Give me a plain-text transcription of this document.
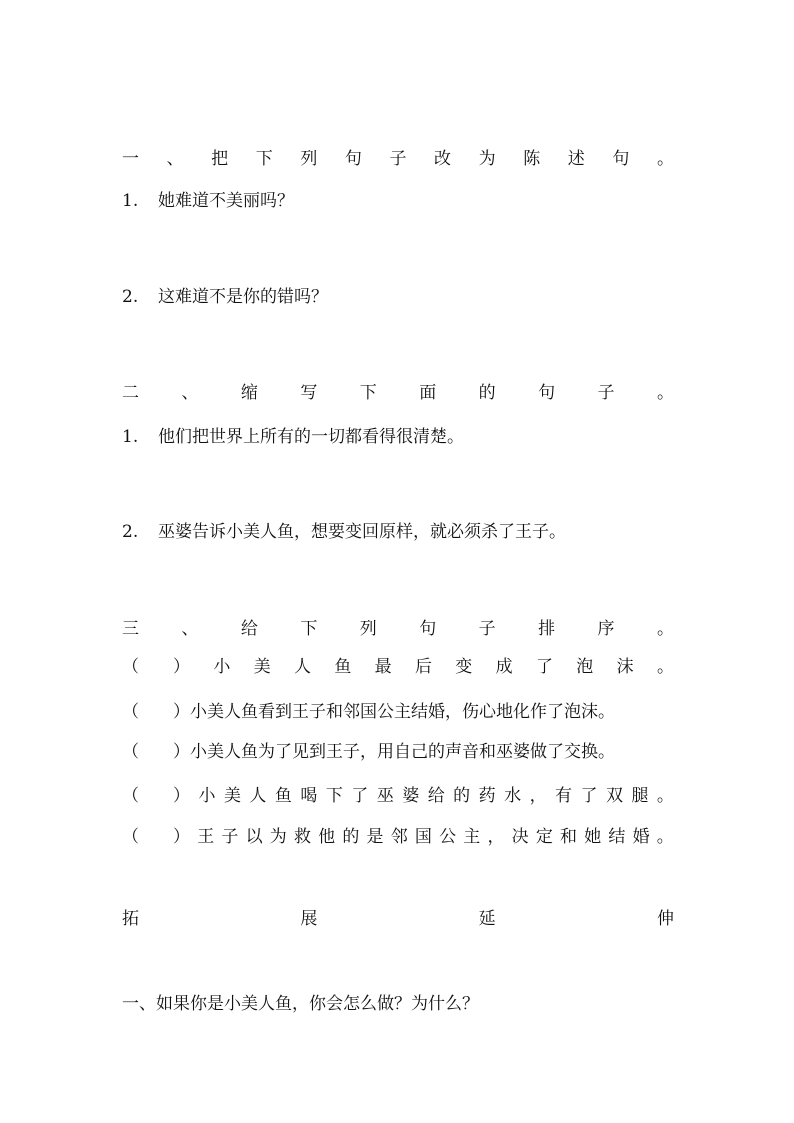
一 、 把 下 列 句 子 改 为 陈 述 句 。
1.	她难道不美丽吗？
2.	这难道不是你的错吗？
二 、 缩 写 下 面 的 句 子 。
1.	他们把世界上所有的一切都看得很清楚。
2.	巫婆告诉小美人鱼，想要变回原样，就必须杀了王子。
三 、 给 下 列 句 子 排 序 。
（　　） 小 美 人 鱼 最 后 变 成 了 泡 沫 。
（　　）小美人鱼看到王子和邻国公主结婚，伤心地化作了泡沫。
（　　）小美人鱼为了见到王子，用自己的声音和巫婆做了交换。
（　　） 小 美 人 鱼 喝 下 了 巫 婆 给 的 药 水 ， 有 了 双 腿 。
（　　） 王 子 以 为 救 他 的 是 邻 国 公 主 ， 决 定 和 她 结 婚 。
拓	展	延	伸
一、如果你是小美人鱼，你会怎么做？为什么？
